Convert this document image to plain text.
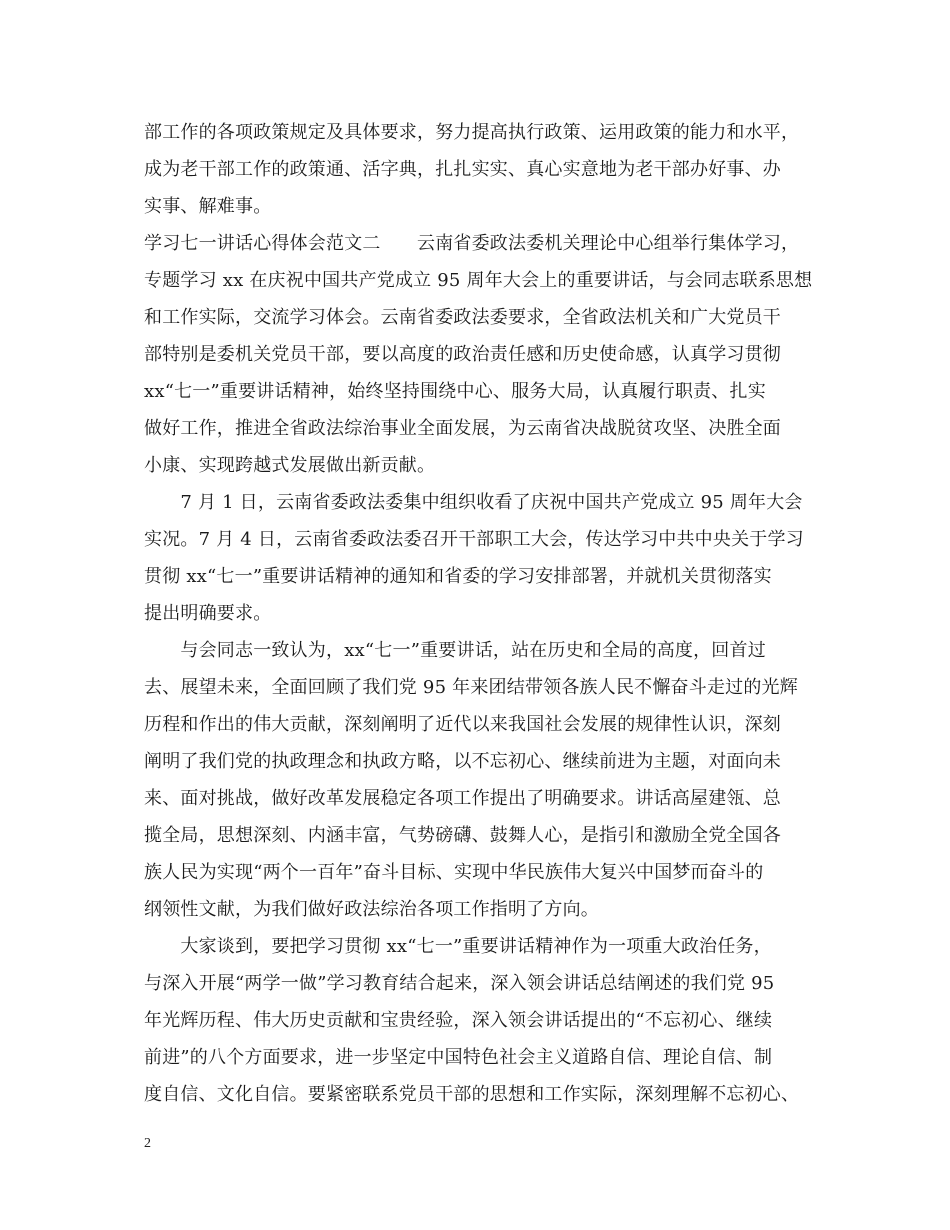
部工作的各项政策规定及具体要求，努力提高执行政策、运用政策的能力和水平，
成为老干部工作的政策通、活字典，扎扎实实、真心实意地为老干部办好事、办
实事、解难事。
学习七一讲话心得体会范文二　　云南省委政法委机关理论中心组举行集体学习，
专题学习 xx 在庆祝中国共产党成立 95 周年大会上的重要讲话，与会同志联系思想
和工作实际，交流学习体会。云南省委政法委要求，全省政法机关和广大党员干
部特别是委机关党员干部，要以高度的政治责任感和历史使命感，认真学习贯彻
xx“七一”重要讲话精神，始终坚持围绕中心、服务大局，认真履行职责、扎实
做好工作，推进全省政法综治事业全面发展，为云南省决战脱贫攻坚、决胜全面
小康、实现跨越式发展做出新贡献。
　　7 月 1 日，云南省委政法委集中组织收看了庆祝中国共产党成立 95 周年大会
实况。7 月 4 日，云南省委政法委召开干部职工大会，传达学习中共中央关于学习
贯彻 xx“七一”重要讲话精神的通知和省委的学习安排部署，并就机关贯彻落实
提出明确要求。
　　与会同志一致认为，xx“七一”重要讲话，站在历史和全局的高度，回首过
去、展望未来，全面回顾了我们党 95 年来团结带领各族人民不懈奋斗走过的光辉
历程和作出的伟大贡献，深刻阐明了近代以来我国社会发展的规律性认识，深刻
阐明了我们党的执政理念和执政方略，以不忘初心、继续前进为主题，对面向未
来、面对挑战，做好改革发展稳定各项工作提出了明确要求。讲话高屋建瓴、总
揽全局，思想深刻、内涵丰富，气势磅礴、鼓舞人心，是指引和激励全党全国各
族人民为实现“两个一百年”奋斗目标、实现中华民族伟大复兴中国梦而奋斗的
纲领性文献，为我们做好政法综治各项工作指明了方向。
　　大家谈到，要把学习贯彻 xx“七一”重要讲话精神作为一项重大政治任务，
与深入开展“两学一做”学习教育结合起来，深入领会讲话总结阐述的我们党 95
年光辉历程、伟大历史贡献和宝贵经验，深入领会讲话提出的“不忘初心、继续
前进”的八个方面要求，进一步坚定中国特色社会主义道路自信、理论自信、制
度自信、文化自信。要紧密联系党员干部的思想和工作实际，深刻理解不忘初心、
2
